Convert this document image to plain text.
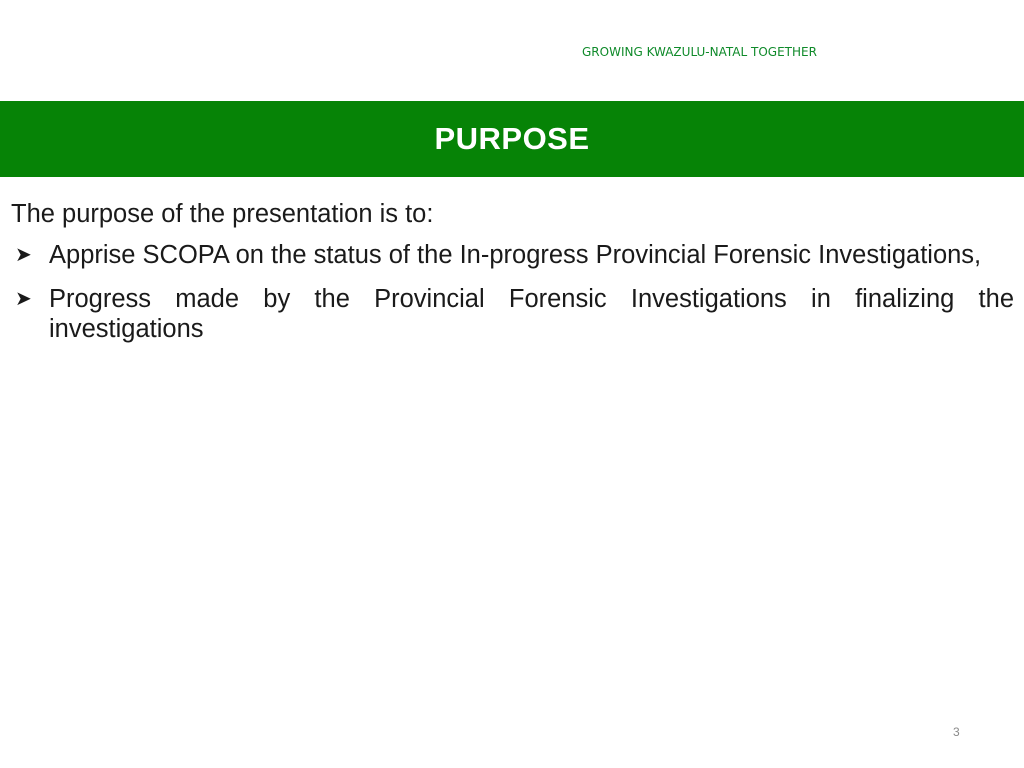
GROWING KWAZULU-NATAL TOGETHER
PURPOSE

The purpose of the presentation is to:

➤ Apprise SCOPA on the status of the In-progress Provincial Forensic Investigations,

➤ Progress made by the Provincial Forensic Investigations in finalizing the investigations

3
